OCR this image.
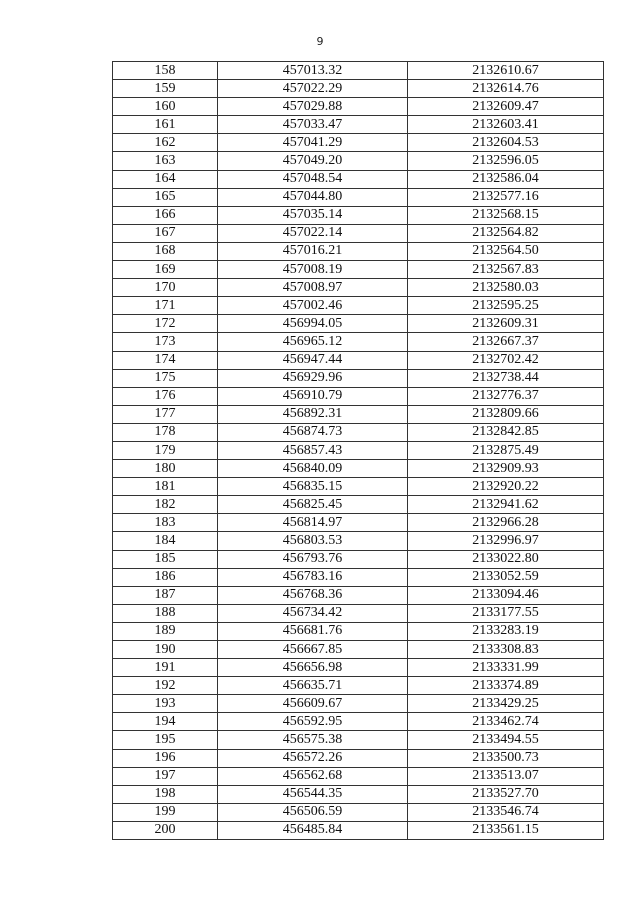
9
158	457013.32	2132610.67
159	457022.29	2132614.76
160	457029.88	2132609.47
161	457033.47	2132603.41
162	457041.29	2132604.53
163	457049.20	2132596.05
164	457048.54	2132586.04
165	457044.80	2132577.16
166	457035.14	2132568.15
167	457022.14	2132564.82
168	457016.21	2132564.50
169	457008.19	2132567.83
170	457008.97	2132580.03
171	457002.46	2132595.25
172	456994.05	2132609.31
173	456965.12	2132667.37
174	456947.44	2132702.42
175	456929.96	2132738.44
176	456910.79	2132776.37
177	456892.31	2132809.66
178	456874.73	2132842.85
179	456857.43	2132875.49
180	456840.09	2132909.93
181	456835.15	2132920.22
182	456825.45	2132941.62
183	456814.97	2132966.28
184	456803.53	2132996.97
185	456793.76	2133022.80
186	456783.16	2133052.59
187	456768.36	2133094.46
188	456734.42	2133177.55
189	456681.76	2133283.19
190	456667.85	2133308.83
191	456656.98	2133331.99
192	456635.71	2133374.89
193	456609.67	2133429.25
194	456592.95	2133462.74
195	456575.38	2133494.55
196	456572.26	2133500.73
197	456562.68	2133513.07
198	456544.35	2133527.70
199	456506.59	2133546.74
200	456485.84	2133561.15
